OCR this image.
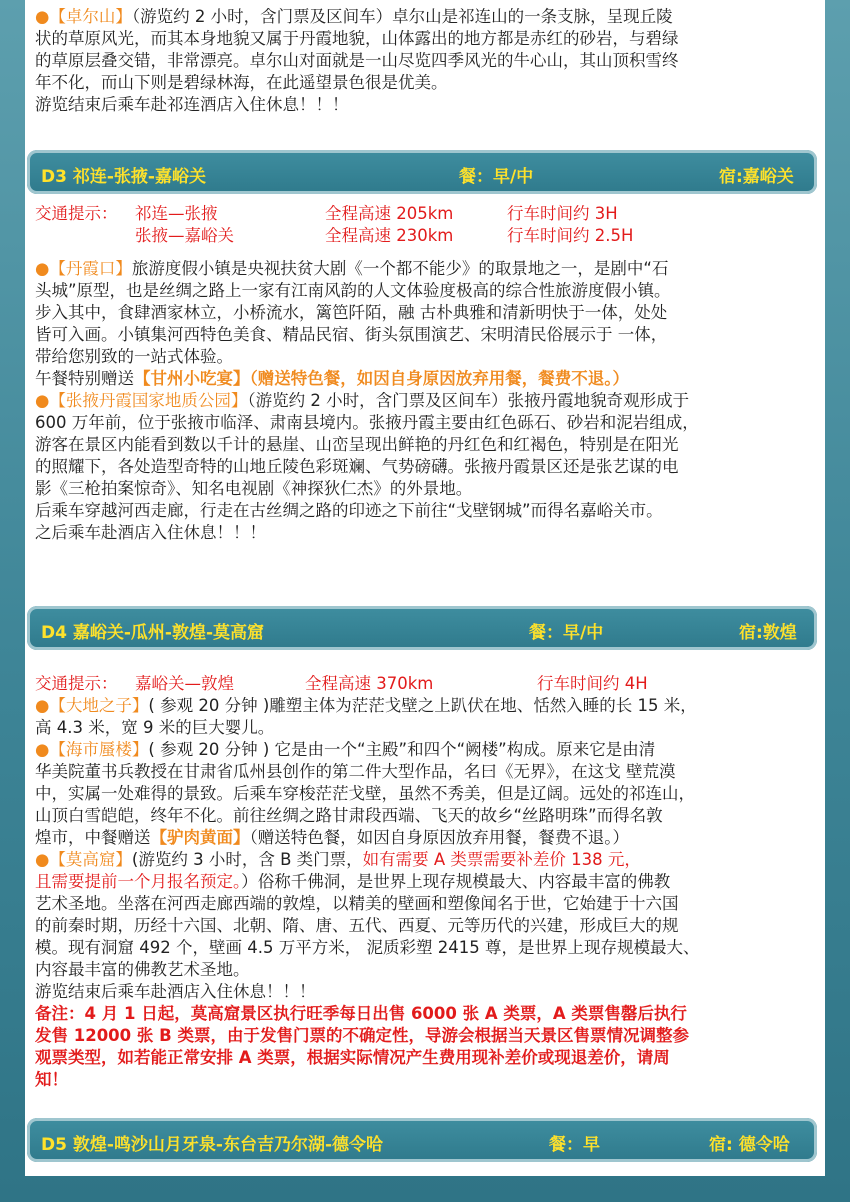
●【卓尔山】（游览约 2 小时，含门票及区间车）卓尔山是祁连山的一条支脉，呈现丘陵

状的草原风光，而其本身地貌又属于丹霞地貌，山体露出的地方都是赤红的砂岩，与碧绿

的草原层叠交错，非常漂亮。卓尔山对面就是一山尽览四季风光的牛心山，其山顶积雪终

年不化，而山下则是碧绿林海，在此遥望景色很是优美。

游览结束后乘车赴祁连酒店入住休息！！！

D3 祁连-张掖-嘉峪关	餐：早/中	宿:嘉峪关
交通提示： 祁连—张掖	全程高速 205km	行车时间约 3H
张掖—嘉峪关	全程高速 230km	行车时间约 2.5H

●【丹霞口】旅游度假小镇是央视扶贫大剧《一个都不能少》的取景地之一，是剧中“石

头城”原型，也是丝绸之路上一家有江南风韵的人文体验度极高的综合性旅游度假小镇。

步入其中，食肆酒家林立，小桥流水，篱笆阡陌，融 古朴典雅和清新明快于一体，处处

皆可入画。小镇集河西特色美食、精品民宿、街头氛围演艺、宋明清民俗展示于 一体，

带给您别致的一站式体验。

午餐特别赠送【甘州小吃宴】（赠送特色餐，如因自身原因放弃用餐，餐费不退。）

●【张掖丹霞国家地质公园】（游览约 2 小时，含门票及区间车）张掖丹霞地貌奇观形成于

600 万年前，位于张掖市临泽、肃南县境内。张掖丹霞主要由红色砾石、砂岩和泥岩组成，

游客在景区内能看到数以千计的悬崖、山峦呈现出鲜艳的丹红色和红褐色，特别是在阳光

的照耀下，各处造型奇特的山地丘陵色彩斑斓、气势磅礴。张掖丹霞景区还是张艺谋的电

影《三枪拍案惊奇》、知名电视剧《神探狄仁杰》的外景地。

后乘车穿越河西走廊，行走在古丝绸之路的印迹之下前往“戈壁钢城”而得名嘉峪关市。

之后乘车赴酒店入住休息！！！

D4 嘉峪关-瓜州-敦煌-莫高窟	餐：早/中	宿:敦煌
交通提示： 嘉峪关—敦煌	全程高速 370km	行车时间约 4H

●【大地之子】( 参观 20 分钟 )雕塑主体为茫茫戈壁之上趴伏在地、恬然入睡的长 15 米，

高 4.3 米，宽 9 米的巨大婴儿。

●【海市蜃楼】( 参观 20 分钟 ) 它是由一个“主殿”和四个“阙楼”构成。原来它是由清

华美院董书兵教授在甘肃省瓜州县创作的第二件大型作品，名曰《无界》，在这戈 壁荒漠

中，实属一处难得的景致。后乘车穿梭茫茫戈壁，虽然不秀美，但是辽阔。远处的祁连山，

山顶白雪皑皑，终年不化。前往丝绸之路甘肃段西端、飞天的故乡“丝路明珠”而得名敦

煌市，中餐赠送【驴肉黄面】（赠送特色餐，如因自身原因放弃用餐，餐费不退。）

●【莫高窟】(游览约 3 小时，含 B 类门票，如有需要 A 类票需要补差价 138 元，

且需要提前一个月报名预定。）俗称千佛洞，是世界上现存规模最大、内容最丰富的佛教

艺术圣地。坐落在河西走廊西端的敦煌，以精美的壁画和塑像闻名于世，它始建于十六国

的前秦时期，历经十六国、北朝、隋、唐、五代、西夏、元等历代的兴建，形成巨大的规

模。现有洞窟 492 个，壁画 4.5 万平方米， 泥质彩塑 2415 尊，是世界上现存规模最大、

内容最丰富的佛教艺术圣地。

游览结束后乘车赴酒店入住休息！！！

备注：4 月 1 日起，莫高窟景区执行旺季每日出售 6000 张 A 类票，A 类票售罄后执行

发售 12000 张 B 类票，由于发售门票的不确定性，导游会根据当天景区售票情况调整参

观票类型，如若能正常安排 A 类票，根据实际情况产生费用现补差价或现退差价，请周

知！

D5 敦煌-鸣沙山月牙泉-东台吉乃尔湖-德令哈	餐：早	宿: 德令哈
